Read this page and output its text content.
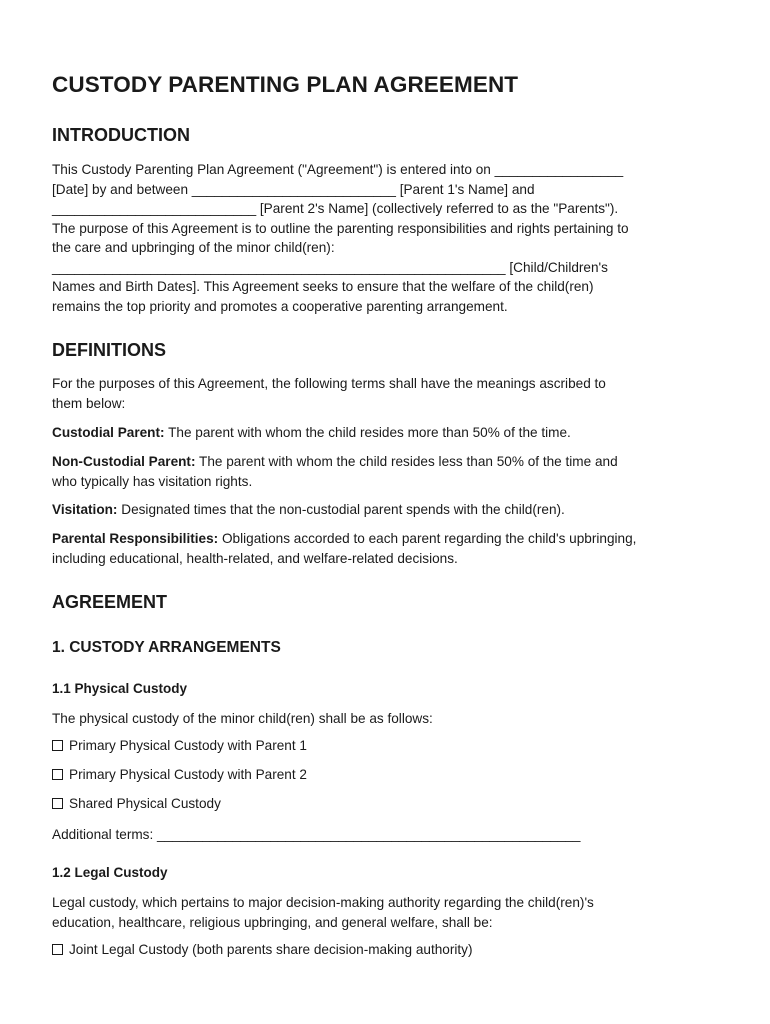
CUSTODY PARENTING PLAN AGREEMENT
INTRODUCTION
This Custody Parenting Plan Agreement ("Agreement") is entered into on _________________
[Date] by and between ___________________________ [Parent 1's Name] and
___________________________ [Parent 2's Name] (collectively referred to as the "Parents").
The purpose of this Agreement is to outline the parenting responsibilities and rights pertaining to
the care and upbringing of the minor child(ren):
____________________________________________________________ [Child/Children's
Names and Birth Dates]. This Agreement seeks to ensure that the welfare of the child(ren)
remains the top priority and promotes a cooperative parenting arrangement.
DEFINITIONS
For the purposes of this Agreement, the following terms shall have the meanings ascribed to
them below:
Custodial Parent: The parent with whom the child resides more than 50% of the time.
Non-Custodial Parent: The parent with whom the child resides less than 50% of the time and
who typically has visitation rights.
Visitation: Designated times that the non-custodial parent spends with the child(ren).
Parental Responsibilities: Obligations accorded to each parent regarding the child's upbringing,
including educational, health-related, and welfare-related decisions.
AGREEMENT
1. CUSTODY ARRANGEMENTS
1.1 Physical Custody
The physical custody of the minor child(ren) shall be as follows:
Primary Physical Custody with Parent 1
Primary Physical Custody with Parent 2
Shared Physical Custody
Additional terms: ________________________________________________________
1.2 Legal Custody
Legal custody, which pertains to major decision-making authority regarding the child(ren)'s
education, healthcare, religious upbringing, and general welfare, shall be:
Joint Legal Custody (both parents share decision-making authority)
